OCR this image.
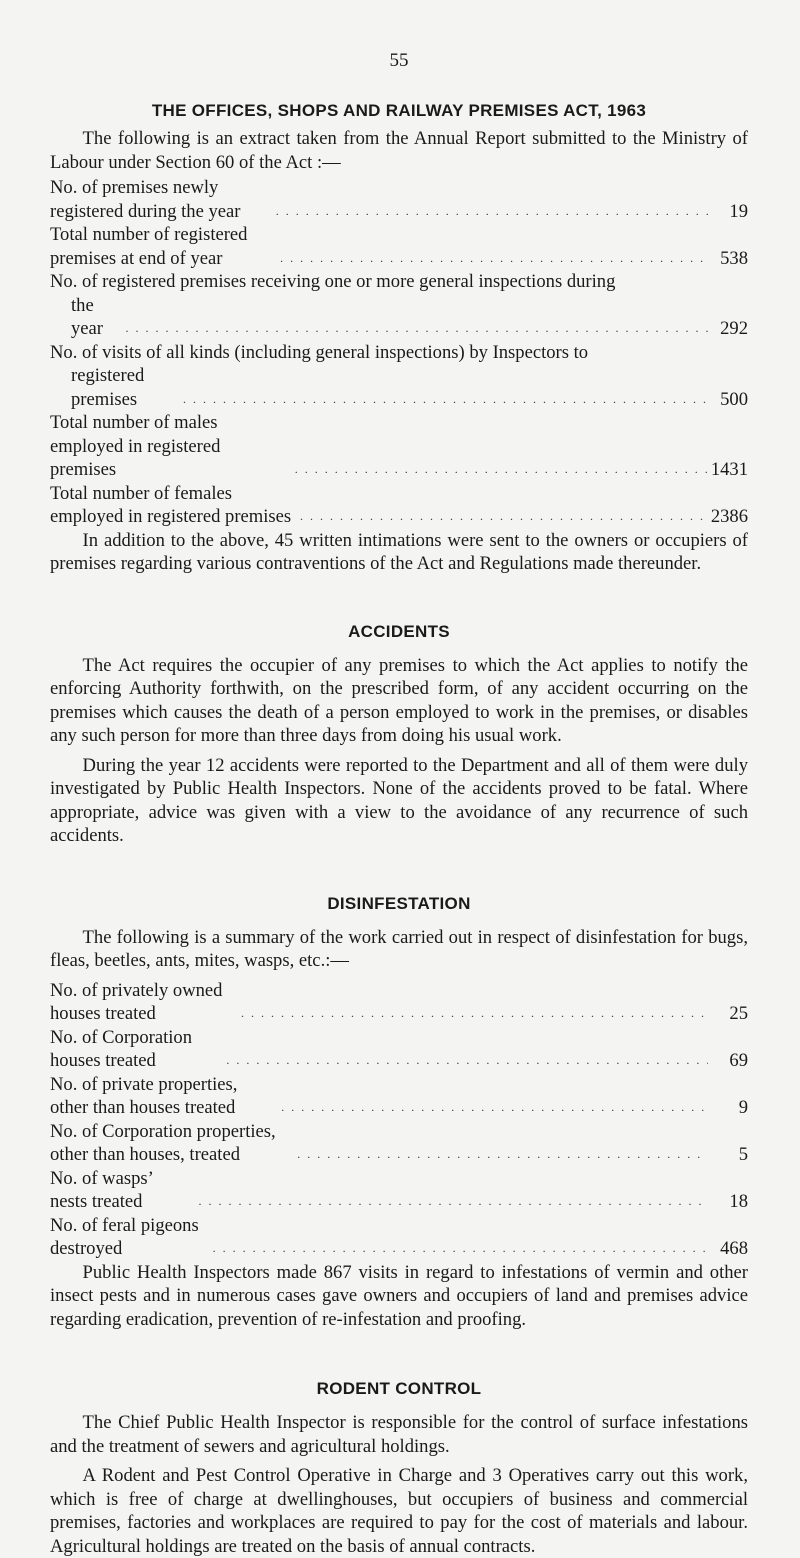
55
THE OFFICES, SHOPS AND RAILWAY PREMISES ACT, 1963

The following is an extract taken from the Annual Report submitted to the Ministry of Labour under Section 60 of the Act :—

No. of premises newly registered during the year . . .	19
Total number of registered premises at end of year . . .	538
No. of registered premises receiving one or more general inspections during
the year . . .	292
No. of visits of all kinds (including general inspections) by Inspectors to
registered premises . . .	500
Total number of males employed in registered premises . . .	1431
Total number of females employed in registered premises . . .	2386

In addition to the above, 45 written intimations were sent to the owners or occupiers of premises regarding various contraventions of the Act and Regulations made thereunder.

ACCIDENTS

The Act requires the occupier of any premises to which the Act applies to notify the enforcing Authority forthwith, on the prescribed form, of any accident occurring on the premises which causes the death of a person employed to work in the premises, or disables any such person for more than three days from doing his usual work.

During the year 12 accidents were reported to the Department and all of them were duly investigated by Public Health Inspectors. None of the accidents proved to be fatal. Where appropriate, advice was given with a view to the avoidance of any recurrence of such accidents.

DISINFESTATION

The following is a summary of the work carried out in respect of disinfestation for bugs, fleas, beetles, ants, mites, wasps, etc.:—

No. of privately owned houses treated . . .	25
No. of Corporation houses treated . . .	69
No. of private properties, other than houses treated . . .	9
No. of Corporation properties, other than houses, treated . . .	5
No. of wasps’ nests treated . . .	18
No. of feral pigeons destroyed . . .	468

Public Health Inspectors made 867 visits in regard to infestations of vermin and other insect pests and in numerous cases gave owners and occupiers of land and premises advice regarding eradication, prevention of re-infestation and proofing.

RODENT CONTROL

The Chief Public Health Inspector is responsible for the control of surface infestations and the treatment of sewers and agricultural holdings.

A Rodent and Pest Control Operative in Charge and 3 Operatives carry out this work, which is free of charge at dwellinghouses, but occupiers of business and commercial premises, factories and workplaces are required to pay for the cost of materials and labour. Agricultural holdings are treated on the basis of annual contracts.
